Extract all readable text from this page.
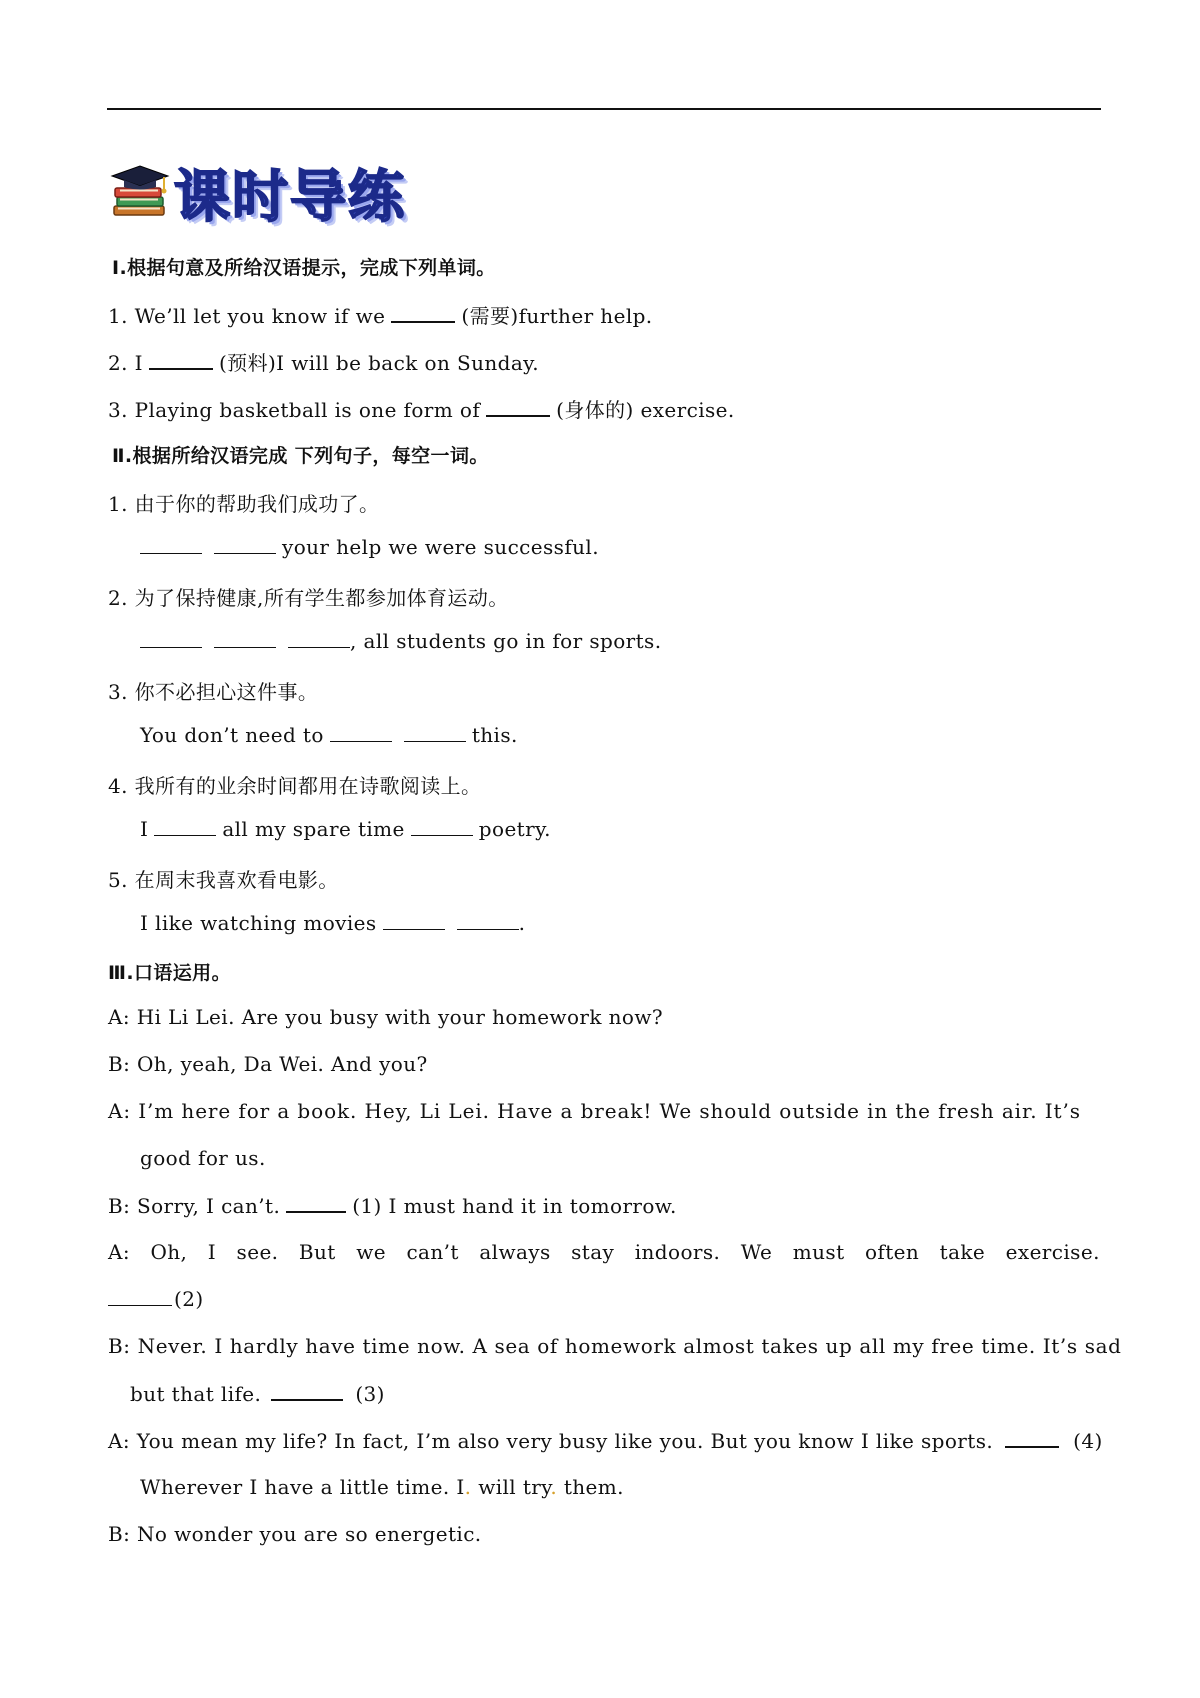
课时导练
Ⅰ.根据句意及所给汉语提示，完成下列单词。
1. We’ll let you know if we	(需要)further help.
2. I	(预料)I will be back on Sunday.
3. Playing basketball is one form of	(身体的) exercise.
Ⅱ.根据所给汉语完成 下列句子，每空一词。
1. 由于你的帮助我们成功了。
your help we were successful.
2. 为了保持健康,所有学生都参加体育运动。
, all students go in for sports.
3. 你不必担心这件事。
You don’t need to	this.
4. 我所有的业余时间都用在诗歌阅读上。
I	all my spare time	poetry.
5. 在周末我喜欢看电影。
I like watching movies	.
Ⅲ.口语运用。
A: Hi Li Lei. Are you busy with your homework now?
B: Oh, yeah, Da Wei. And you?
A: I’m here for a book. Hey, Li Lei. Have a break! We should outside in the fresh air. It’s
good for us.
B: Sorry, I can’t.	(1) I must hand it in tomorrow.
A: Oh, I see. But we can’t always stay indoors. We must often take exercise.
(2)
B: Never. I hardly have time now. A sea of homework almost takes up all my free time. It’s sad
but that life.	(3)
A: You mean my life? In fact, I’m also very busy like you. But you know I like sports.	(4)
Wherever I have a little time. I. will try. them.
B: No wonder you are so energetic.
